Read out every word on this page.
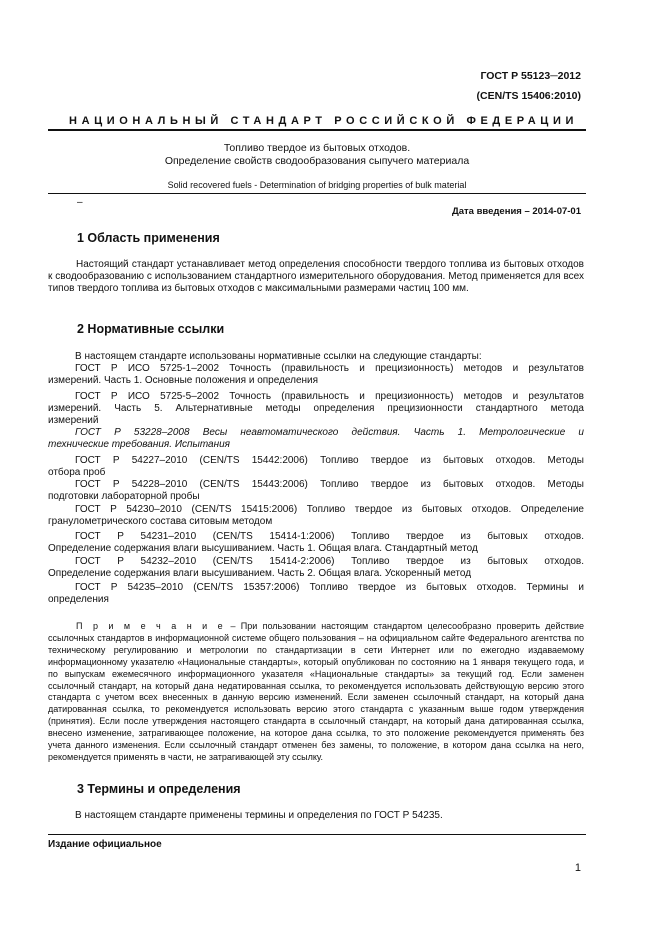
ГОСТ Р 55123─2012
(CEN/TS 15406:2010)
НАЦИОНАЛЬНЫЙ СТАНДАРТ РОССИЙСКОЙ ФЕДЕРАЦИИ
Топливо твердое из бытовых отходов.
Определение свойств сводообразования сыпучего материала
Solid recovered fuels - Determination of bridging properties of bulk material
–
Дата введения – 2014-07-01
1 Область применения
Настоящий стандарт устанавливает метод определения способности твердого топлива из бытовых отходов к сводообразованию с использованием стандартного измерительного оборудования. Метод применяется для всех типов твердого топлива из бытовых отходов с максимальными размерами частиц 100 мм.
2 Нормативные ссылки
В настоящем стандарте использованы нормативные ссылки на следующие стандарты:
ГОСТ Р ИСО 5725-1–2002 Точность (правильность и прецизионность) методов и результатов
измерений. Часть 1. Основные положения и определения
ГОСТ Р ИСО 5725-5–2002 Точность (правильность и прецизионность) методов и результатов
измерений. Часть 5. Альтернативные методы определения прецизионности стандартного метода
измерений
ГОСТ Р 53228–2008 Весы неавтоматического действия. Часть 1. Метрологические и
технические требования. Испытания
ГОСТ Р 54227–2010 (CEN/TS 15442:2006) Топливо твердое из бытовых отходов. Методы
отбора проб
ГОСТ Р 54228–2010 (CEN/TS 15443:2006) Топливо твердое из бытовых отходов. Методы
подготовки лабораторной пробы
ГОСТ Р 54230–2010 (CEN/TS 15415:2006) Топливо твердое из бытовых отходов. Определение
гранулометрического состава ситовым методом
ГОСТ Р 54231–2010 (CEN/TS 15414-1:2006) Топливо твердое из бытовых отходов.
Определение содержания влаги высушиванием. Часть 1. Общая влага. Стандартный метод
ГОСТ Р 54232–2010 (CEN/TS 15414-2:2006) Топливо твердое из бытовых отходов.
Определение содержания влаги высушиванием. Часть 2. Общая влага. Ускоренный метод
ГОСТ Р 54235–2010 (CEN/TS 15357:2006) Топливо твердое из бытовых отходов. Термины и
определения
П р и м е ч а н и е – При пользовании настоящим стандартом целесообразно проверить действие ссылочных стандартов в информационной системе общего пользования – на официальном сайте Федерального агентства по техническому регулированию и метрологии по стандартизации в сети Интернет или по ежегодно издаваемому информационному указателю «Национальные стандарты», который опубликован по состоянию на 1 января текущего года, и по выпускам ежемесячного информационного указателя «Национальные стандарты» за текущий год. Если заменен ссылочный стандарт, на который дана недатированная ссылка, то рекомендуется использовать действующую версию этого стандарта с учетом всех внесенных в данную версию изменений. Если заменен ссылочный стандарт, на который дана датированная ссылка, то рекомендуется использовать версию этого стандарта с указанным выше годом утверждения (принятия). Если после утверждения настоящего стандарта в ссылочный стандарт, на который дана датированная ссылка, внесено изменение, затрагивающее положение, на которое дана ссылка, то это положение рекомендуется применять без учета данного изменения. Если ссылочный стандарт отменен без замены, то положение, в котором дана ссылка на него, рекомендуется применять в части, не затрагивающей эту ссылку.
3 Термины и определения
В настоящем стандарте применены термины и определения по ГОСТ Р 54235.
Издание официальное
1
